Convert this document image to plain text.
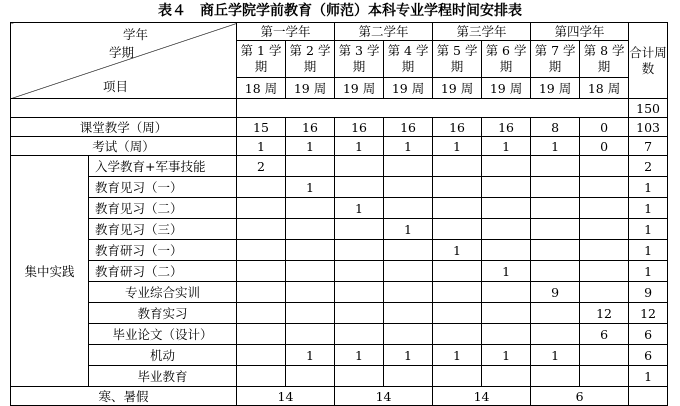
表４　商丘学院学前教育（师范）本科专业学程时间安排表
学年
学期
项目		第一学年		第二学年		第三学年		第四学年		合计周数
		第 1 学期	第 2 学期	第 3 学期	第 4 学期	第 5 学期	第 6 学期	第 7 学期	第 8 学期	
		18 周	19 周	19 周	19 周	19 周	19 周	19 周	18 周	
										150
课堂教学（周）		15	16	16	16	16	16	8	0	103
考试（周）		1	1	1	1	1	1	1	0	7
集中实践	入学教育+军事技能	2								2
	教育见习（一）		1							1
	教育见习（二）			1						1
	教育见习（三）				1					1
	教育研习（一）					1				1
	教育研习（二）						1			1
	专业综合实训							9		9
	教育实习								12	12
	毕业论文（设计）								6	6
	机动		1	1	1	1	1	1		6
	毕业教育									1
寒、暑假		14		14		14		6		
